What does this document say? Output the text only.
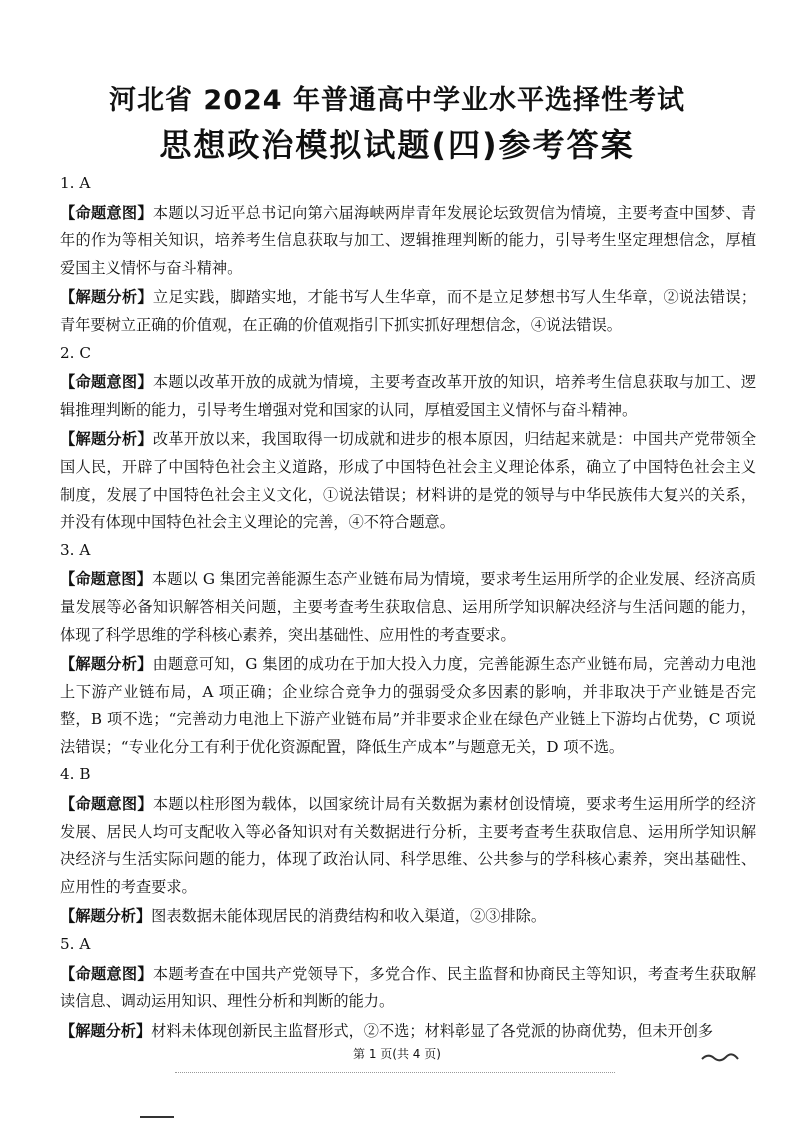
河北省 2024 年普通高中学业水平选择性考试
思想政治模拟试题(四)参考答案
1. A

【命题意图】本题以习近平总书记向第六届海峡两岸青年发展论坛致贺信为情境，主要考查中国梦、青年的作为等相关知识，培养考生信息获取与加工、逻辑推理判断的能力，引导考生坚定理想信念，厚植爱国主义情怀与奋斗精神。

【解题分析】立足实践，脚踏实地，才能书写人生华章，而不是立足梦想书写人生华章，②说法错误；青年要树立正确的价值观，在正确的价值观指引下抓实抓好理想信念，④说法错误。

2. C

【命题意图】本题以改革开放的成就为情境，主要考查改革开放的知识，培养考生信息获取与加工、逻辑推理判断的能力，引导考生增强对党和国家的认同，厚植爱国主义情怀与奋斗精神。

【解题分析】改革开放以来，我国取得一切成就和进步的根本原因，归结起来就是：中国共产党带领全国人民，开辟了中国特色社会主义道路，形成了中国特色社会主义理论体系，确立了中国特色社会主义制度，发展了中国特色社会主义文化，①说法错误；材料讲的是党的领导与中华民族伟大复兴的关系，并没有体现中国特色社会主义理论的完善，④不符合题意。

3. A

【命题意图】本题以 G 集团完善能源生态产业链布局为情境，要求考生运用所学的企业发展、经济高质量发展等必备知识解答相关问题，主要考查考生获取信息、运用所学知识解决经济与生活问题的能力，体现了科学思维的学科核心素养，突出基础性、应用性的考查要求。

【解题分析】由题意可知，G 集团的成功在于加大投入力度，完善能源生态产业链布局，完善动力电池上下游产业链布局，A 项正确；企业综合竞争力的强弱受众多因素的影响，并非取决于产业链是否完整，B 项不选；“完善动力电池上下游产业链布局”并非要求企业在绿色产业链上下游均占优势，C 项说法错误；“专业化分工有利于优化资源配置，降低生产成本”与题意无关，D 项不选。

4. B

【命题意图】本题以柱形图为载体，以国家统计局有关数据为素材创设情境，要求考生运用所学的经济发展、居民人均可支配收入等必备知识对有关数据进行分析，主要考查考生获取信息、运用所学知识解决经济与生活实际问题的能力，体现了政治认同、科学思维、公共参与的学科核心素养，突出基础性、应用性的考查要求。

【解题分析】图表数据未能体现居民的消费结构和收入渠道，②③排除。

5. A

【命题意图】本题考查在中国共产党领导下，多党合作、民主监督和协商民主等知识，考查考生获取解读信息、调动运用知识、理性分析和判断的能力。

【解题分析】材料未体现创新民主监督形式，②不选；材料彰显了各党派的协商优势，但未开创多

第 1 页(共 4 页)
